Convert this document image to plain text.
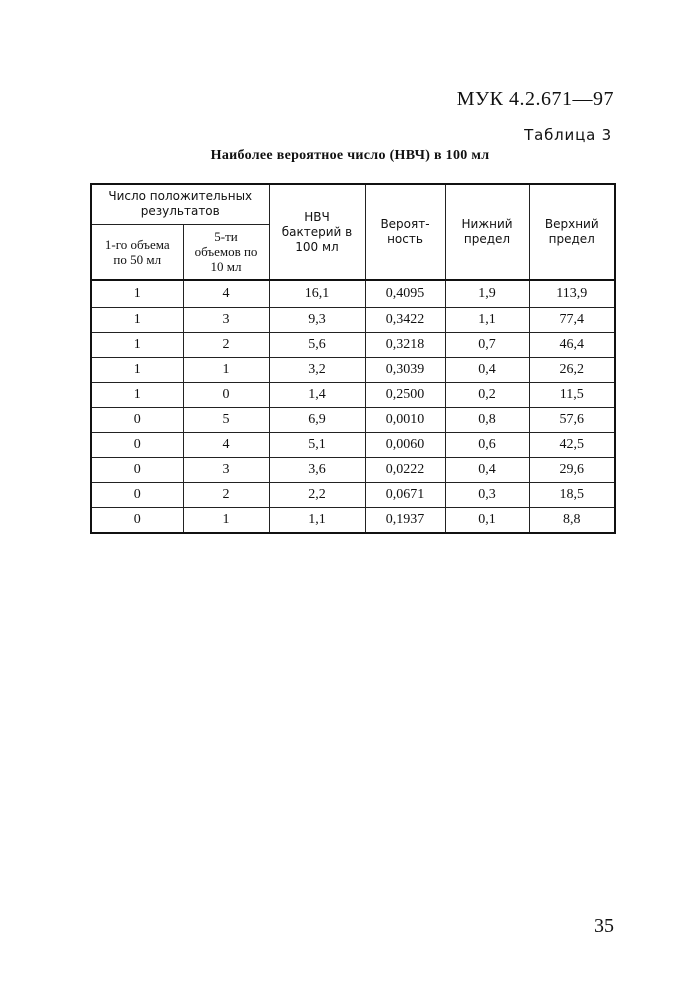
МУК 4.2.671—97
Таблица 3
Наиболее вероятное число (НВЧ) в 100 мл
Число положительных результатов		НВЧ бактерий в 100 мл	Вероят-ность	Нижний предел	Верхний предел
1-го объема по 50 мл	5-ти объемов по 10 мл				
1	4	16,1	0,4095	1,9	113,9
1	3	9,3	0,3422	1,1	77,4
1	2	5,6	0,3218	0,7	46,4
1	1	3,2	0,3039	0,4	26,2
1	0	1,4	0,2500	0,2	11,5
0	5	6,9	0,0010	0,8	57,6
0	4	5,1	0,0060	0,6	42,5
0	3	3,6	0,0222	0,4	29,6
0	2	2,2	0,0671	0,3	18,5
0	1	1,1	0,1937	0,1	8,8
35
